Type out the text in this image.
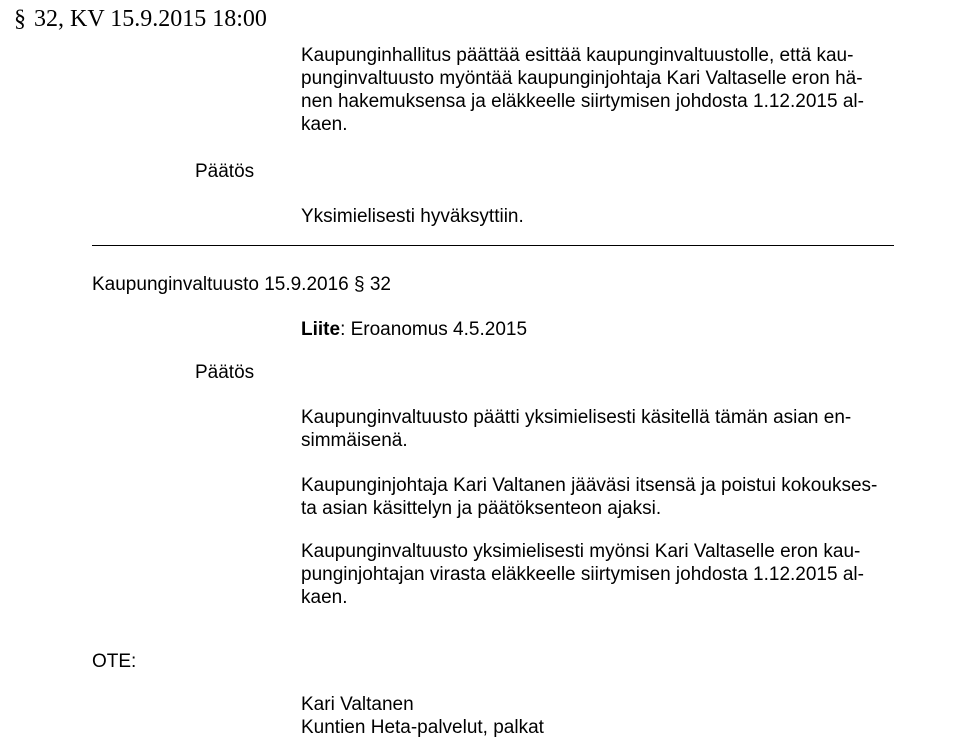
§ 32, KV 15.9.2015 18:00
Kaupunginhallitus päättää esittää kaupunginvaltuustolle, että kau-
punginvaltuusto myöntää kaupunginjohtaja Kari Valtaselle eron hä-
nen hakemuksensa ja eläkkeelle siirtymisen johdosta 1.12.2015 al-
kaen.
Päätös
Yksimielisesti hyväksyttiin.
Kaupunginvaltuusto 15.9.2016 § 32
Liite: Eroanomus 4.5.2015
Päätös
Kaupunginvaltuusto päätti yksimielisesti käsitellä tämän asian en-
simmäisenä.
Kaupunginjohtaja Kari Valtanen jääväsi itsensä ja poistui kokoukses-
ta asian käsittelyn ja päätöksenteon ajaksi.
Kaupunginvaltuusto yksimielisesti myönsi Kari Valtaselle eron kau-
punginjohtajan virasta eläkkeelle siirtymisen johdosta 1.12.2015 al-
kaen.
OTE:
Kari Valtanen
Kuntien Heta-palvelut, palkat
